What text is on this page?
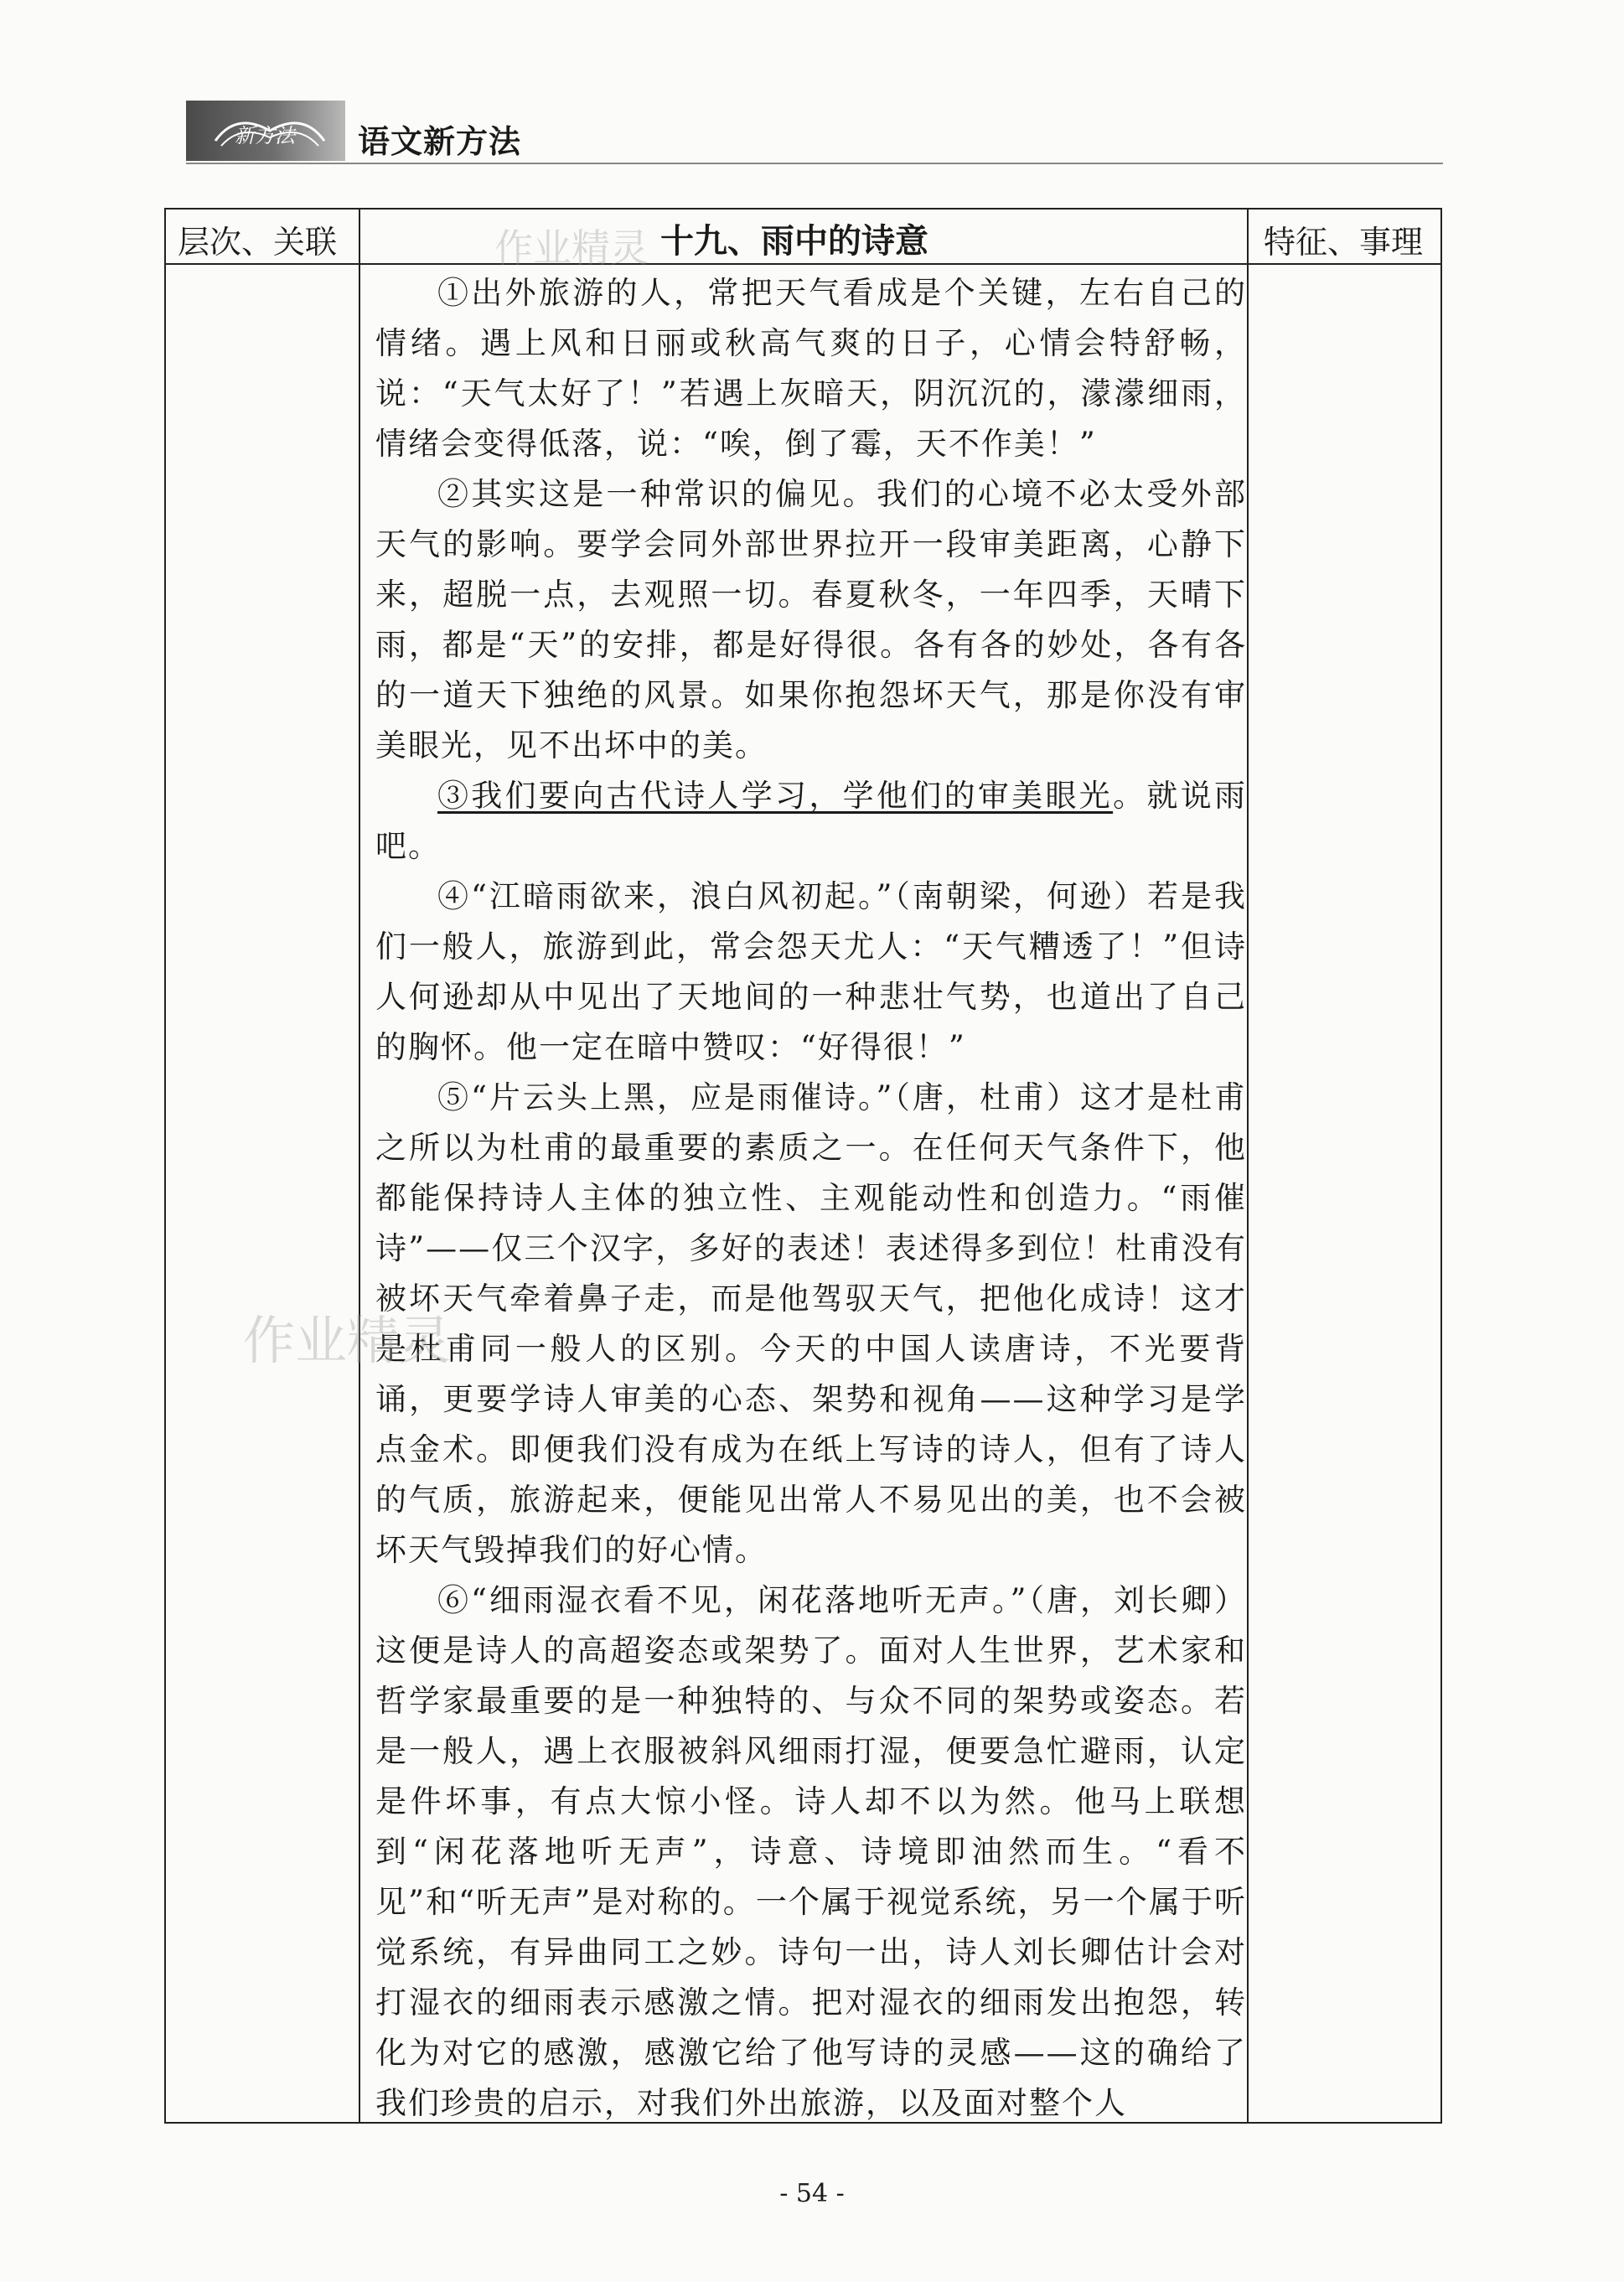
新方法 语文新方法
层次、关联	十九、雨中的诗意	特征、事理

①出外旅游的人，常把天气看成是个关键，左右自己的情绪。遇上风和日丽或秋高气爽的日子，心情会特舒畅，说：“天气太好了！”若遇上灰暗天，阴沉沉的，濛濛细雨，情绪会变得低落，说：“唉，倒了霉，天不作美！”

②其实这是一种常识的偏见。我们的心境不必太受外部天气的影响。要学会同外部世界拉开一段审美距离，心静下来，超脱一点，去观照一切。春夏秋冬，一年四季，天晴下雨，都是“天”的安排，都是好得很。各有各的妙处，各有各的一道天下独绝的风景。如果你抱怨坏天气，那是你没有审美眼光，见不出坏中的美。

③我们要向古代诗人学习，学他们的审美眼光。就说雨吧。

④“江暗雨欲来，浪白风初起。”（南朝梁，何逊）若是我们一般人，旅游到此，常会怨天尤人：“天气糟透了！”但诗人何逊却从中见出了天地间的一种悲壮气势，也道出了自己的胸怀。他一定在暗中赞叹：“好得很！”

⑤“片云头上黑，应是雨催诗。”（唐，杜甫）这才是杜甫之所以为杜甫的最重要的素质之一。在任何天气条件下，他都能保持诗人主体的独立性、主观能动性和创造力。“雨催诗”——仅三个汉字，多好的表述！表述得多到位！杜甫没有被坏天气牵着鼻子走，而是他驾驭天气，把他化成诗！这才是杜甫同一般人的区别。今天的中国人读唐诗，不光要背诵，更要学诗人审美的心态、架势和视角——这种学习是学点金术。即便我们没有成为在纸上写诗的诗人，但有了诗人的气质，旅游起来，便能见出常人不易见出的美，也不会被坏天气毁掉我们的好心情。

⑥“细雨湿衣看不见，闲花落地听无声。”（唐，刘长卿）这便是诗人的高超姿态或架势了。面对人生世界，艺术家和哲学家最重要的是一种独特的、与众不同的架势或姿态。若是一般人，遇上衣服被斜风细雨打湿，便要急忙避雨，认定是件坏事，有点大惊小怪。诗人却不以为然。他马上联想到“闲花落地听无声”，诗意、诗境即油然而生。“看不见”和“听无声”是对称的。一个属于视觉系统，另一个属于听觉系统，有异曲同工之妙。诗句一出，诗人刘长卿估计会对打湿衣的细雨表示感激之情。把对湿衣的细雨发出抱怨，转化为对它的感激，感激它给了他写诗的灵感——这的确给了我们珍贵的启示，对我们外出旅游，以及面对整个人

作业精灵
作业精灵
- 54 -
